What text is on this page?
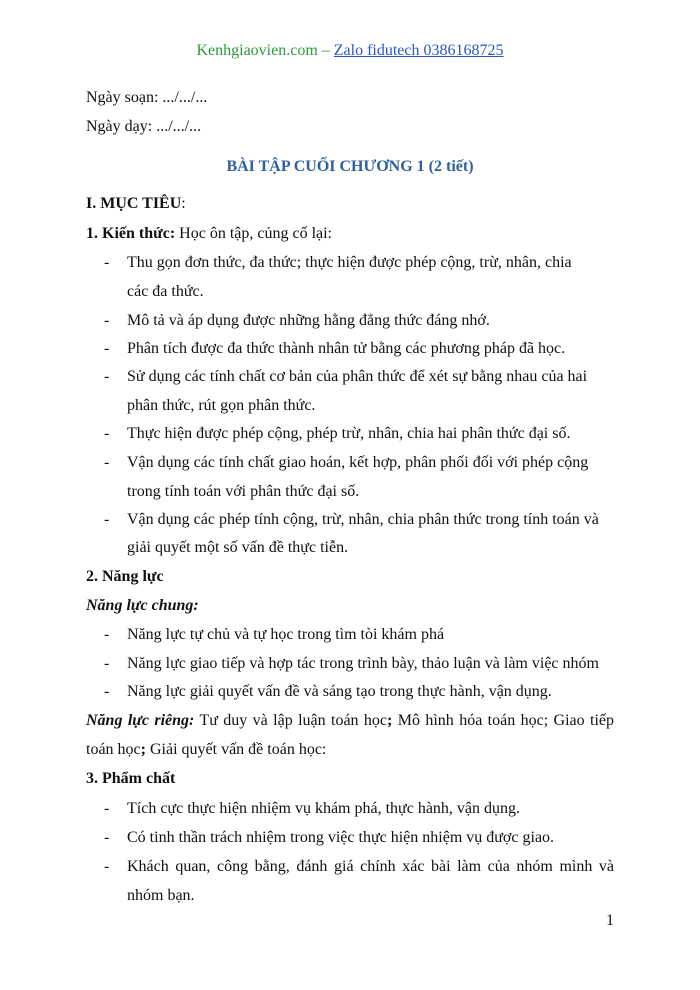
Kenhgiaovien.com – Zalo fidutech 0386168725
Ngày soạn: .../.../...
Ngày dạy: .../.../...
BÀI TẬP CUỐI CHƯƠNG 1 (2 tiết)
I. MỤC TIÊU:
1. Kiến thức: Học ôn tập, củng cố lại:
- Thu gọn đơn thức, đa thức; thực hiện được phép cộng, trừ, nhân, chia
các đa thức.
- Mô tả và áp dụng được những hằng đẳng thức đáng nhớ.
- Phân tích được đa thức thành nhân tử bằng các phương pháp đã học.
- Sử dụng các tính chất cơ bản của phân thức để xét sự bằng nhau của hai
phân thức, rút gọn phân thức.
- Thực hiện được phép cộng, phép trừ, nhân, chia hai phân thức đại số.
- Vận dụng các tính chất giao hoán, kết hợp, phân phối đối với phép cộng
trong tính toán với phân thức đại số.
- Vận dụng các phép tính cộng, trừ, nhân, chia phân thức trong tính toán và
giải quyết một số vấn đề thực tiễn.
2. Năng lực
Năng lực chung:
- Năng lực tự chủ và tự học trong tìm tòi khám phá
- Năng lực giao tiếp và hợp tác trong trình bày, thảo luận và làm việc nhóm
- Năng lực giải quyết vấn đề và sáng tạo trong thực hành, vận dụng.
Năng lực riêng: Tư duy và lập luận toán học; Mô hình hóa toán học; Giao tiếp
toán học; Giải quyết vấn đề toán học:
3. Phẩm chất
- Tích cực thực hiện nhiệm vụ khám phá, thực hành, vận dụng.
- Có tinh thần trách nhiệm trong việc thực hiện nhiệm vụ được giao.
- Khách quan, công bằng, đánh giá chính xác bài làm của nhóm mình và
nhóm bạn.
1
